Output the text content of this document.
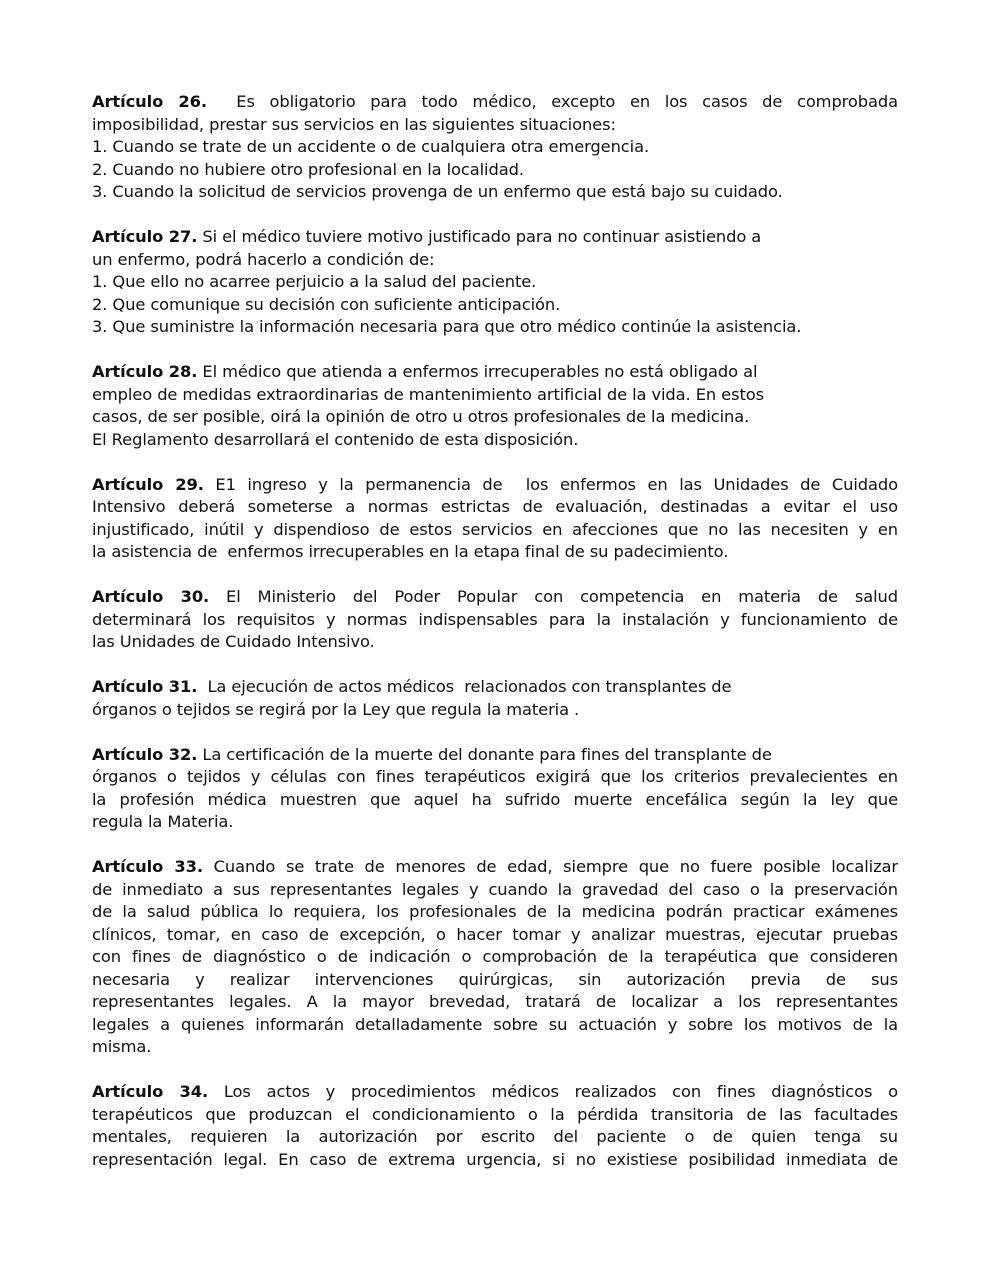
Artículo 26.  Es obligatorio para todo médico, excepto en los casos de comprobada

imposibilidad, prestar sus servicios en las siguientes situaciones:

1. Cuando se trate de un accidente o de cualquiera otra emergencia.

2. Cuando no hubiere otro profesional en la localidad.

3. Cuando la solicitud de servicios provenga de un enfermo que está bajo su cuidado.

Artículo 27. Si el médico tuviere motivo justificado para no continuar asistiendo a

un enfermo, podrá hacerlo a condición de:

1. Que ello no acarree perjuicio a la salud del paciente.

2. Que comunique su decisión con suficiente anticipación.

3. Que suministre la información necesaria para que otro médico continúe la asistencia.

Artículo 28. El médico que atienda a enfermos irrecuperables no está obligado al

empleo de medidas extraordinarias de mantenimiento artificial de la vida. En estos

casos, de ser posible, oirá la opinión de otro u otros profesionales de la medicina.

El Reglamento desarrollará el contenido de esta disposición.

Artículo 29. E1 ingreso y la permanencia de  los enfermos en las Unidades de Cuidado

Intensivo deberá someterse a normas estrictas de evaluación, destinadas a evitar el uso

injustificado, inútil y dispendioso de estos servicios en afecciones que no las necesiten y en

la asistencia de  enfermos irrecuperables en la etapa final de su padecimiento.

Artículo 30. El Ministerio del Poder Popular con competencia en materia de salud

determinará los requisitos y normas indispensables para la instalación y funcionamiento de

las Unidades de Cuidado Intensivo.

Artículo 31.  La ejecución de actos médicos  relacionados con transplantes de

órganos o tejidos se regirá por la Ley que regula la materia .

Artículo 32. La certificación de la muerte del donante para fines del transplante de

órganos o tejidos y células con fines terapéuticos exigirá que los criterios prevalecientes en

la profesión médica muestren que aquel ha sufrido muerte encefálica según la ley que

regula la Materia.

Artículo 33. Cuando se trate de menores de edad, siempre que no fuere posible localizar

de inmediato a sus representantes legales y cuando la gravedad del caso o la preservación

de la salud pública lo requiera, los profesionales de la medicina podrán practicar exámenes

clínicos, tomar, en caso de excepción, o hacer tomar y analizar muestras, ejecutar pruebas

con fines de diagnóstico o de indicación o comprobación de la terapéutica que consideren

necesaria y realizar intervenciones quirúrgicas, sin autorización previa de sus

representantes legales. A la mayor brevedad, tratará de localizar a los representantes

legales a quienes informarán detalladamente sobre su actuación y sobre los motivos de la

misma.

Artículo 34. Los actos y procedimientos médicos realizados con fines diagnósticos o

terapéuticos que produzcan el condicionamiento o la pérdida transitoria de las facultades

mentales, requieren la autorización por escrito del paciente o de quien tenga su

representación legal. En caso de extrema urgencia, si no existiese posibilidad inmediata de
